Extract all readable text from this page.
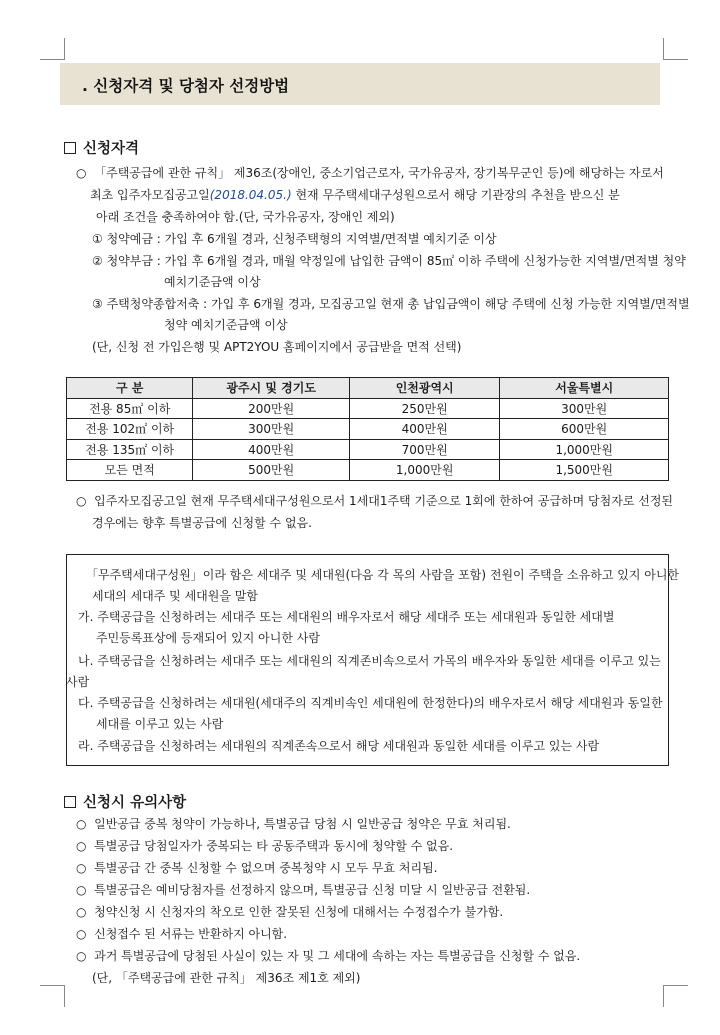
. 신청자격 및 당첨자 선정방법
신청자격
○ 「주택공급에 관한 규칙」 제36조(장애인, 중소기업근로자, 국가유공자, 장기복무군인 등)에 해당하는 자로서
최초 입주자모집공고일(2018.04.05.) 현재 무주택세대구성원으로서 해당 기관장의 추천을 받으신 분
아래 조건을 충족하여야 함.(단, 국가유공자, 장애인 제외)
① 청약예금 : 가입 후 6개월 경과, 신청주택형의 지역별/면적별 예치기준 이상
② 청약부금 : 가입 후 6개월 경과, 매월 약정일에 납입한 금액이 85㎡ 이하 주택에 신청가능한 지역별/면적별 청약
예치기준금액 이상
③ 주택청약종합저축 : 가입 후 6개월 경과, 모집공고일 현재 총 납입금액이 해당 주택에 신청 가능한 지역별/면적별
청약 예치기준금액 이상
(단, 신청 전 가입은행 및 APT2YOU 홈페이지에서 공급받을 면적 선택)
구 분	광주시 및 경기도	인천광역시	서울특별시
전용 85㎡ 이하	200만원	250만원	300만원
전용 102㎡ 이하	300만원	400만원	600만원
전용 135㎡ 이하	400만원	700만원	1,000만원
모든 면적	500만원	1,000만원	1,500만원
○ 입주자모집공고일 현재 무주택세대구성원으로서 1세대1주택 기준으로 1회에 한하여 공급하며 당첨자로 선정된
경우에는 향후 특별공급에 신청할 수 없음.
「무주택세대구성원」이라 함은 세대주 및 세대원(다음 각 목의 사람을 포함) 전원이 주택을 소유하고 있지 아니한
세대의 세대주 및 세대원을 말함
가. 주택공급을 신청하려는 세대주 또는 세대원의 배우자로서 해당 세대주 또는 세대원과 동일한 세대별
주민등록표상에 등재되어 있지 아니한 사람
나. 주택공급을 신청하려는 세대주 또는 세대원의 직계존비속으로서 가목의 배우자와 동일한 세대를 이루고 있는
사람
다. 주택공급을 신청하려는 세대원(세대주의 직계비속인 세대원에 한정한다)의 배우자로서 해당 세대원과 동일한
세대를 이루고 있는 사람
라. 주택공급을 신청하려는 세대원의 직계존속으로서 해당 세대원과 동일한 세대를 이루고 있는 사람
신청시 유의사항
○ 일반공급 중복 청약이 가능하나, 특별공급 당첨 시 일반공급 청약은 무효 처리됨.
○ 특별공급 당첨일자가 중복되는 타 공동주택과 동시에 청약할 수 없음.
○ 특별공급 간 중복 신청할 수 없으며 중복청약 시 모두 무효 처리됨.
○ 특별공급은 예비당첨자를 선정하지 않으며, 특별공급 신청 미달 시 일반공급 전환됨.
○ 청약신청 시 신청자의 착오로 인한 잘못된 신청에 대해서는 수정접수가 불가함.
○ 신청접수 된 서류는 반환하지 아니함.
○ 과거 특별공급에 당첨된 사실이 있는 자 및 그 세대에 속하는 자는 특별공급을 신청할 수 없음.
(단, 「주택공급에 관한 규칙」 제36조 제1호 제외)
